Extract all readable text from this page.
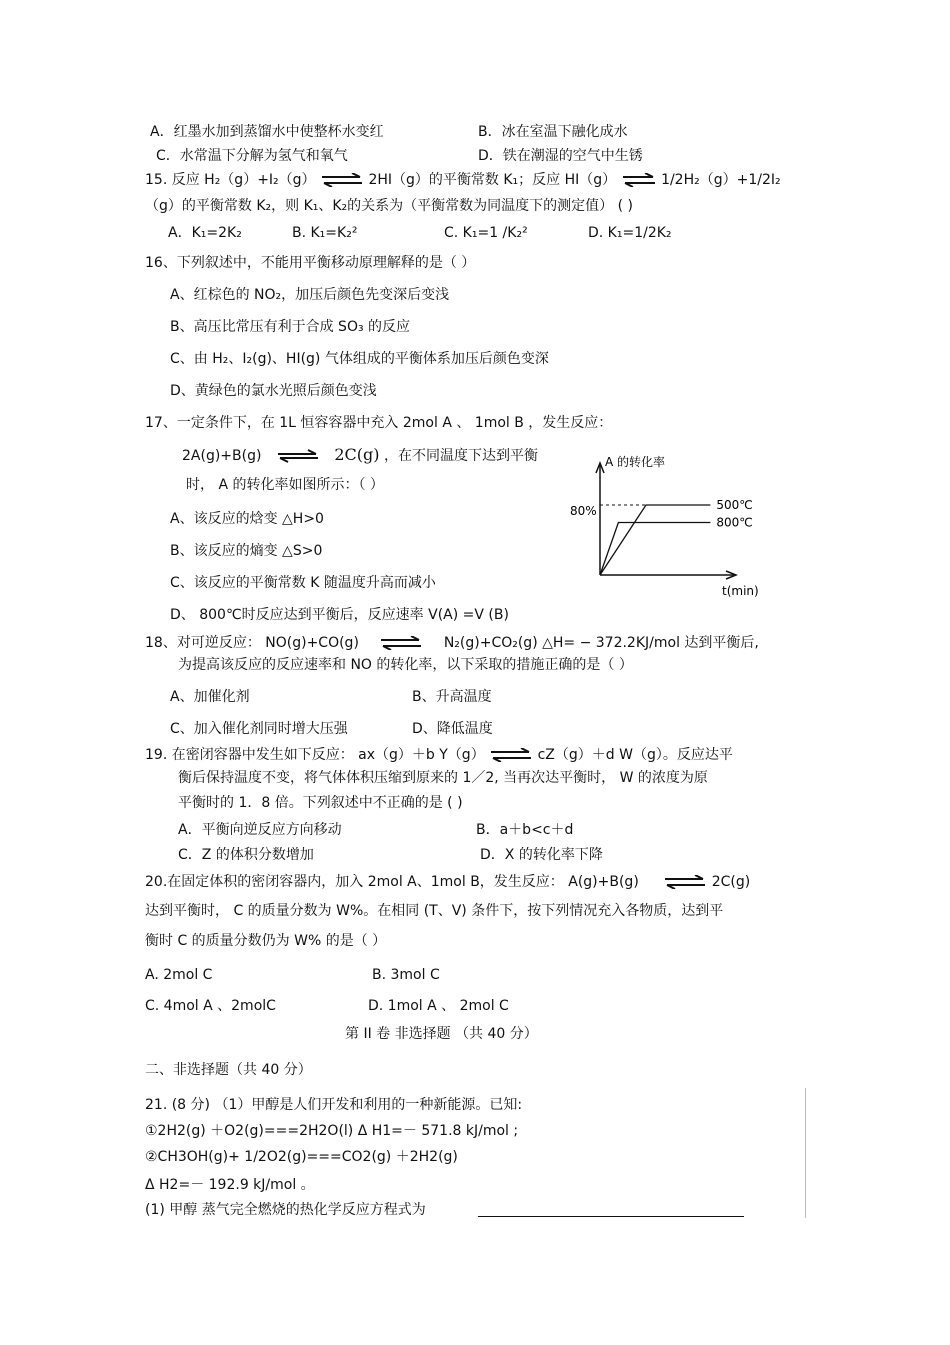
A．红墨水加到蒸馏水中使整杯水变红	B．冰在室温下融化成水
C．水常温下分解为氢气和氧气	D．铁在潮湿的空气中生锈
15. 反应 H₂（g）+I₂（g） ⇌ 2HI（g）的平衡常数 K₁；反应 HI（g） ⇌ 1/2H₂（g）+1/2I₂
（g）的平衡常数 K₂，则 K₁、K₂的关系为（平衡常数为同温度下的测定值） ( )
A．K₁=2K₂	B. K₁=K₂²	C. K₁=1 /K₂²	D. K₁=1/2K₂
16、下列叙述中，不能用平衡移动原理解释的是（ ）
A、红棕色的 NO₂，加压后颜色先变深后变浅
B、高压比常压有利于合成 SO₃ 的反应
C、由 H₂、I₂(g)、HI(g) 气体组成的平衡体系加压后颜色变深
D、黄绿色的氯水光照后颜色变浅
17、一定条件下，在 1L 恒容容器中充入 2mol A 、 1mol B ，发生反应：
2A(g)+B(g) ⇌ 2C(g) ，在不同温度下达到平衡
时， A 的转化率如图所示：（ ）
A、该反应的焓变 △H>0
B、该反应的熵变 △S>0
C、该反应的平衡常数 K 随温度升高而减小
D、 800℃时反应达到平衡后，反应速率 V(A) =V (B)
A 的转化率
t(min)
80%	500℃
800℃
18、对可逆反应： NO(g)+CO(g) ⇌ N₂(g)+CO₂(g) △H= − 372.2KJ/mol 达到平衡后,
为提高该反应的反应速率和 NO 的转化率，以下采取的措施正确的是（ ）
A、加催化剂	B、升高温度
C、加入催化剂同时增大压强	D、降低温度
19. 在密闭容器中发生如下反应： ax（g）＋b Y（g） ⇌ cZ（g）＋d W（g）。反应达平
衡后保持温度不变，将气体体积压缩到原来的 1／2, 当再次达平衡时， W 的浓度为原
平衡时的 1．8 倍。下列叙述中不正确的是 ( )
A．平衡向逆反应方向移动	B．a＋b<c＋d
C．Z 的体积分数增加	D．X 的转化率下降
20.在固定体积的密闭容器内，加入 2mol A、1mol B，发生反应： A(g)+B(g) ⇌ 2C(g)
达到平衡时， C 的质量分数为 W%。在相同 (T、V) 条件下，按下列情况充入各物质，达到平
衡时 C 的质量分数仍为 W% 的是（ ）
A. 2mol C	B. 3mol C
C. 4mol A 、2molC	D. 1mol A 、 2mol C
第 II 卷 非选择题 （共 40 分）
二、非选择题（共 40 分）
21. (8 分) （1）甲醇是人们开发和利用的一种新能源。已知:
①2H2(g) ＋O2(g)===2H2O(l) Δ H1=－ 571.8 kJ/mol ;
②CH3OH(g)+ 1/2O2(g)===CO2(g) ＋2H2(g)
Δ H2=－ 192.9 kJ/mol 。
(1) 甲醇 蒸气完全燃烧的热化学反应方程式为
